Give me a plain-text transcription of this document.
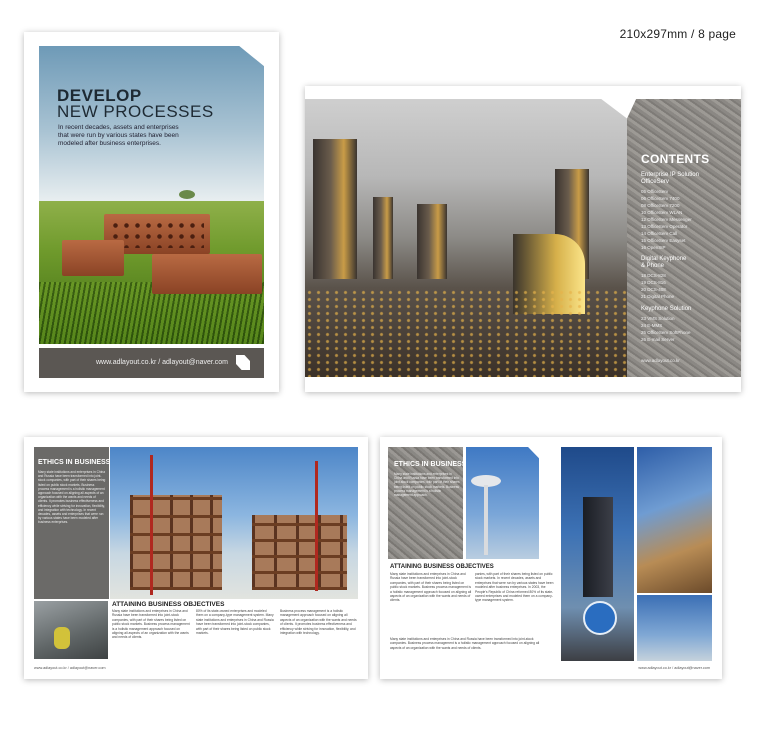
210x297mm / 8 page
DEVELOP
NEW PROCESSES
In recent decades, assets and enterprises that were run by various states have been modeled after business enterprises.
www.adlayout.co.kr / adlayout@naver.com
CONTENTS
Enterprise IP Solution
OfficeServ
05 OfficeServ
06 OfficeServ 7400
08 OfficeServ 7200
10 OfficeServ WLAN
12 OfficeServ Messenger
13 OfficeServ Operator
14 OfficeServ Call
15 OfficeServ Easyset
16 OpenSIP
Digital Keyphone
& Phone
18 DCS-828
19 DCS-816
20 DCS-408
21 Digital Phone
Keyphone Solution
23 VMS Solution
24 E-MMS
25 OfficeServ SoftPhone
26 E-mail Server
www.adlayout.co.kr
ETHICS IN BUSINESS
Many state institutions and enterprises in China and Russia have been transformed into joint-stock companies, with part of their shares being listed on public stock markets. Business process management is a holistic management approach focused on aligning all aspects of an organization with the wants and needs of clients. It promotes business effectiveness and efficiency while striving for innovation, flexibility, and integration with technology. In recent decades, assets and enterprises that were run by various states have been modeled after business enterprises.
ATTAINING BUSINESS OBJECTIVES
Many state institutions and enterprises in China and Russia have been transformed into joint-stock companies, with part of their shares being listed on public stock markets. Business process management is a holistic management approach focused on aligning all aspects of an organization with the wants and needs of clients.
80% of its state-owned enterprises and modeled them on a company-type management system. Many state institutions and enterprises in China and Russia have been transformed into joint-stock companies, with part of their shares being listed on public stock markets.
Business process management is a holistic management approach focused on aligning all aspects of an organization with the wants and needs of clients. It promotes business effectiveness and efficiency while striving for innovation, flexibility, and integration with technology.
www.adlayout.co.kr / adlayout@naver.com
ETHICS IN BUSINESS
Many state institutions and enterprises in China and Russia have been transformed into joint-stock companies, with part of their shares being listed on public stock markets. Business process management is a holistic management approach.
ATTAINING BUSINESS OBJECTIVES
Many state institutions and enterprises in China and Russia have been transformed into joint-stock companies, with part of their shares being listed on public stock markets. Business process management is a holistic management approach focused on aligning all aspects of an organization with the wants and needs of clients.
panies, with part of their shares being listed on public stock markets. In recent decades, assets and enterprises that were run by various states have been modeled after business enterprises. In 2003, the People's Republic of China reformed 80% of its state-owned enterprises and modeled them on a company-type management system.
Many state institutions and enterprises in China and Russia have been transformed into joint-stock companies. Business process management is a holistic management approach focused on aligning all aspects of an organization with the wants and needs of clients.
www.adlayout.co.kr / adlayout@naver.com
